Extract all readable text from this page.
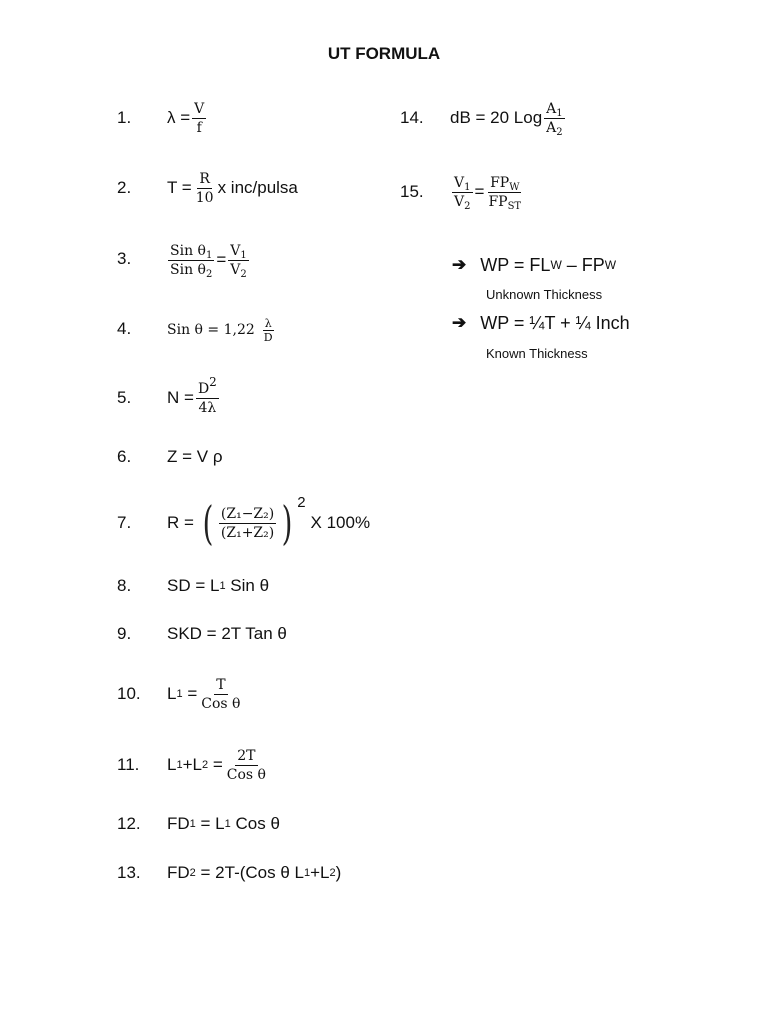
UT FORMULA
1.
2.
3.
4.
5.
6.
7.
8.
9.
10.
11.
12.
13.
14.
15.
$\lambda = \frac{V}{f}$
$T = \frac{R}{10}$ x inc/pulsa
$\frac{Sin \theta_1}{Sin \theta_2} = \frac{V_1}{V_2}$
Sin $\theta = 1,22 \frac{\lambda}{D}$
$N = \frac{D^2}{4\lambda}$
Z = V ρ
R = ( $\frac{\text{(Z₁−Z₂)}}{\text{(Z₁+Z₂)}}$ ) 2
X 100%
SD = L 1 Sin θ
SKD = 2T Tan θ
L $1 = \frac{T}{\text{Cos θ}}$
L 1 +L $2 = \frac{2T}{\text{Cos θ}}$
FD 1 = L 1 Cos θ
FD 2 = 2T-(Cos θ L 1 +L 2 )
dB = 20 Log $\frac{A_1}{A_2}$
$\frac{V_1}{V_2} = \frac{FP_W}{FP_{ST}}$
➔ WP = FL W – FP W
Unknown Thickness
➔ WP = ¼T + ¼ Inch
Known Thickness
